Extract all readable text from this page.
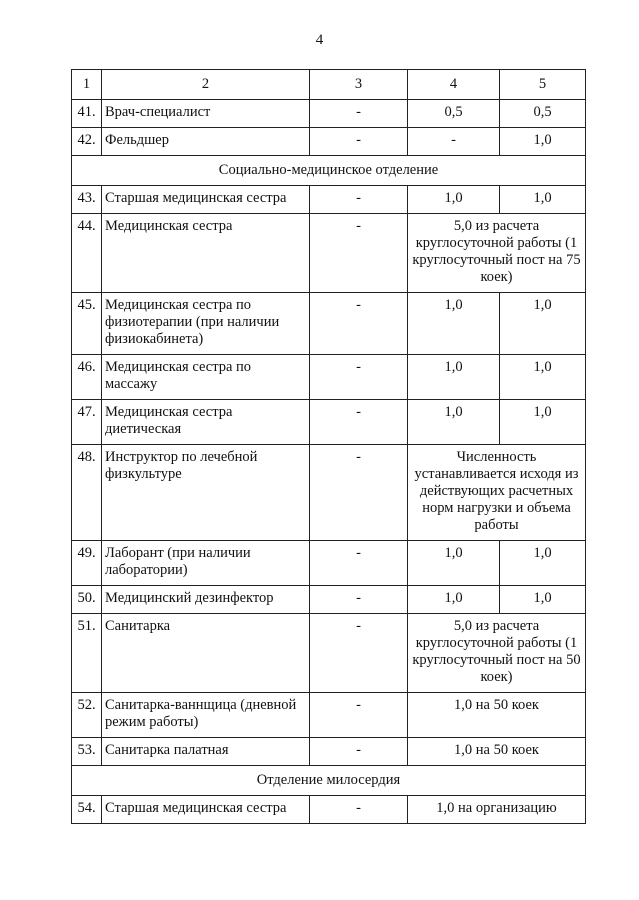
4
1	2	3	4	5
41.	Врач-специалист	-	0,5	0,5
42.	Фельдшер	-	-	1,0
Социально-медицинское отделение				
43.	Старшая медицинская сестра	-	1,0	1,0
44.	Медицинская сестра	-	5,0 из расчета круглосуточной работы (1 круглосуточный пост на 75 коек)	
45.	Медицинская сестра по физиотерапии (при наличии физиокабинета)	-	1,0	1,0
46.	Медицинская сестра по массажу	-	1,0	1,0
47.	Медицинская сестра диетическая	-	1,0	1,0
48.	Инструктор по лечебной физкультуре	-	Численность устанавливается исходя из действующих расчетных норм нагрузки и объема работы	
49.	Лаборант (при наличии лаборатории)	-	1,0	1,0
50.	Медицинский дезинфектор	-	1,0	1,0
51.	Санитарка	-	5,0 из расчета круглосуточной работы (1 круглосуточный пост на 50 коек)	
52.	Санитарка-ваннщица (дневной режим работы)	-	1,0 на 50 коек	
53.	Санитарка палатная	-	1,0 на 50 коек	
Отделение милосердия				
54.	Старшая медицинская сестра	-	1,0 на организацию	
